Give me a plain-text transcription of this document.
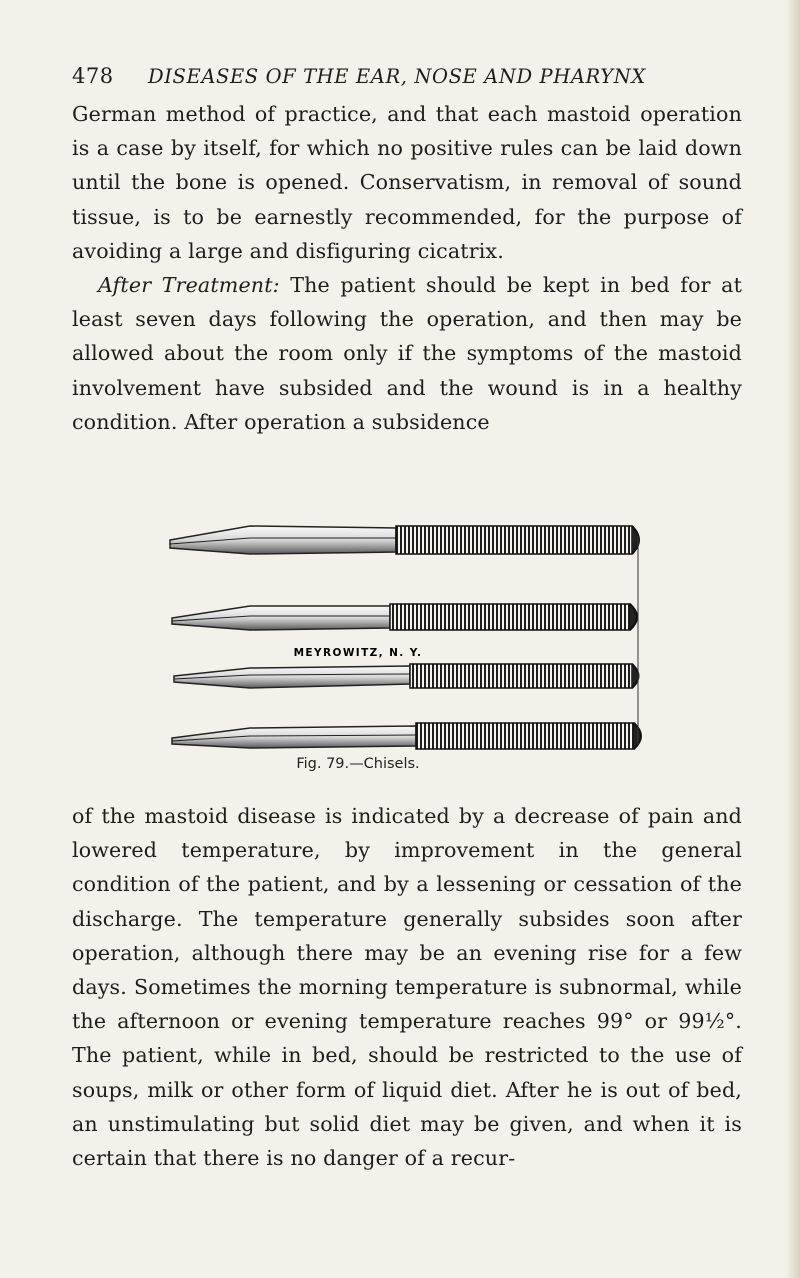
478 DISEASES OF THE EAR, NOSE AND PHARYNX

German method of practice, and that each mastoid operation is a case by itself, for which no positive rules can be laid down until the bone is opened. Conservatism, in removal of sound tissue, is to be earnestly recommended, for the purpose of avoiding a large and disfiguring cicatrix.

After Treatment: The patient should be kept in bed for at least seven days following the operation, and then may be allowed about the room only if the symptoms of the mastoid involvement have subsided and the wound is in a healthy condition. After operation a subsidence

MEYROWITZ, N. Y.
Fig. 79.—Chisels.

of the mastoid disease is indicated by a decrease of pain and lowered temperature, by improvement in the general condition of the patient, and by a lessening or cessation of the discharge. The temperature generally subsides soon after operation, although there may be an evening rise for a few days. Sometimes the morning temperature is subnormal, while the afternoon or evening temperature reaches 99° or 99½°. The patient, while in bed, should be restricted to the use of soups, milk or other form of liquid diet. After he is out of bed, an unstimulating but solid diet may be given, and when it is certain that there is no danger of a recur-
